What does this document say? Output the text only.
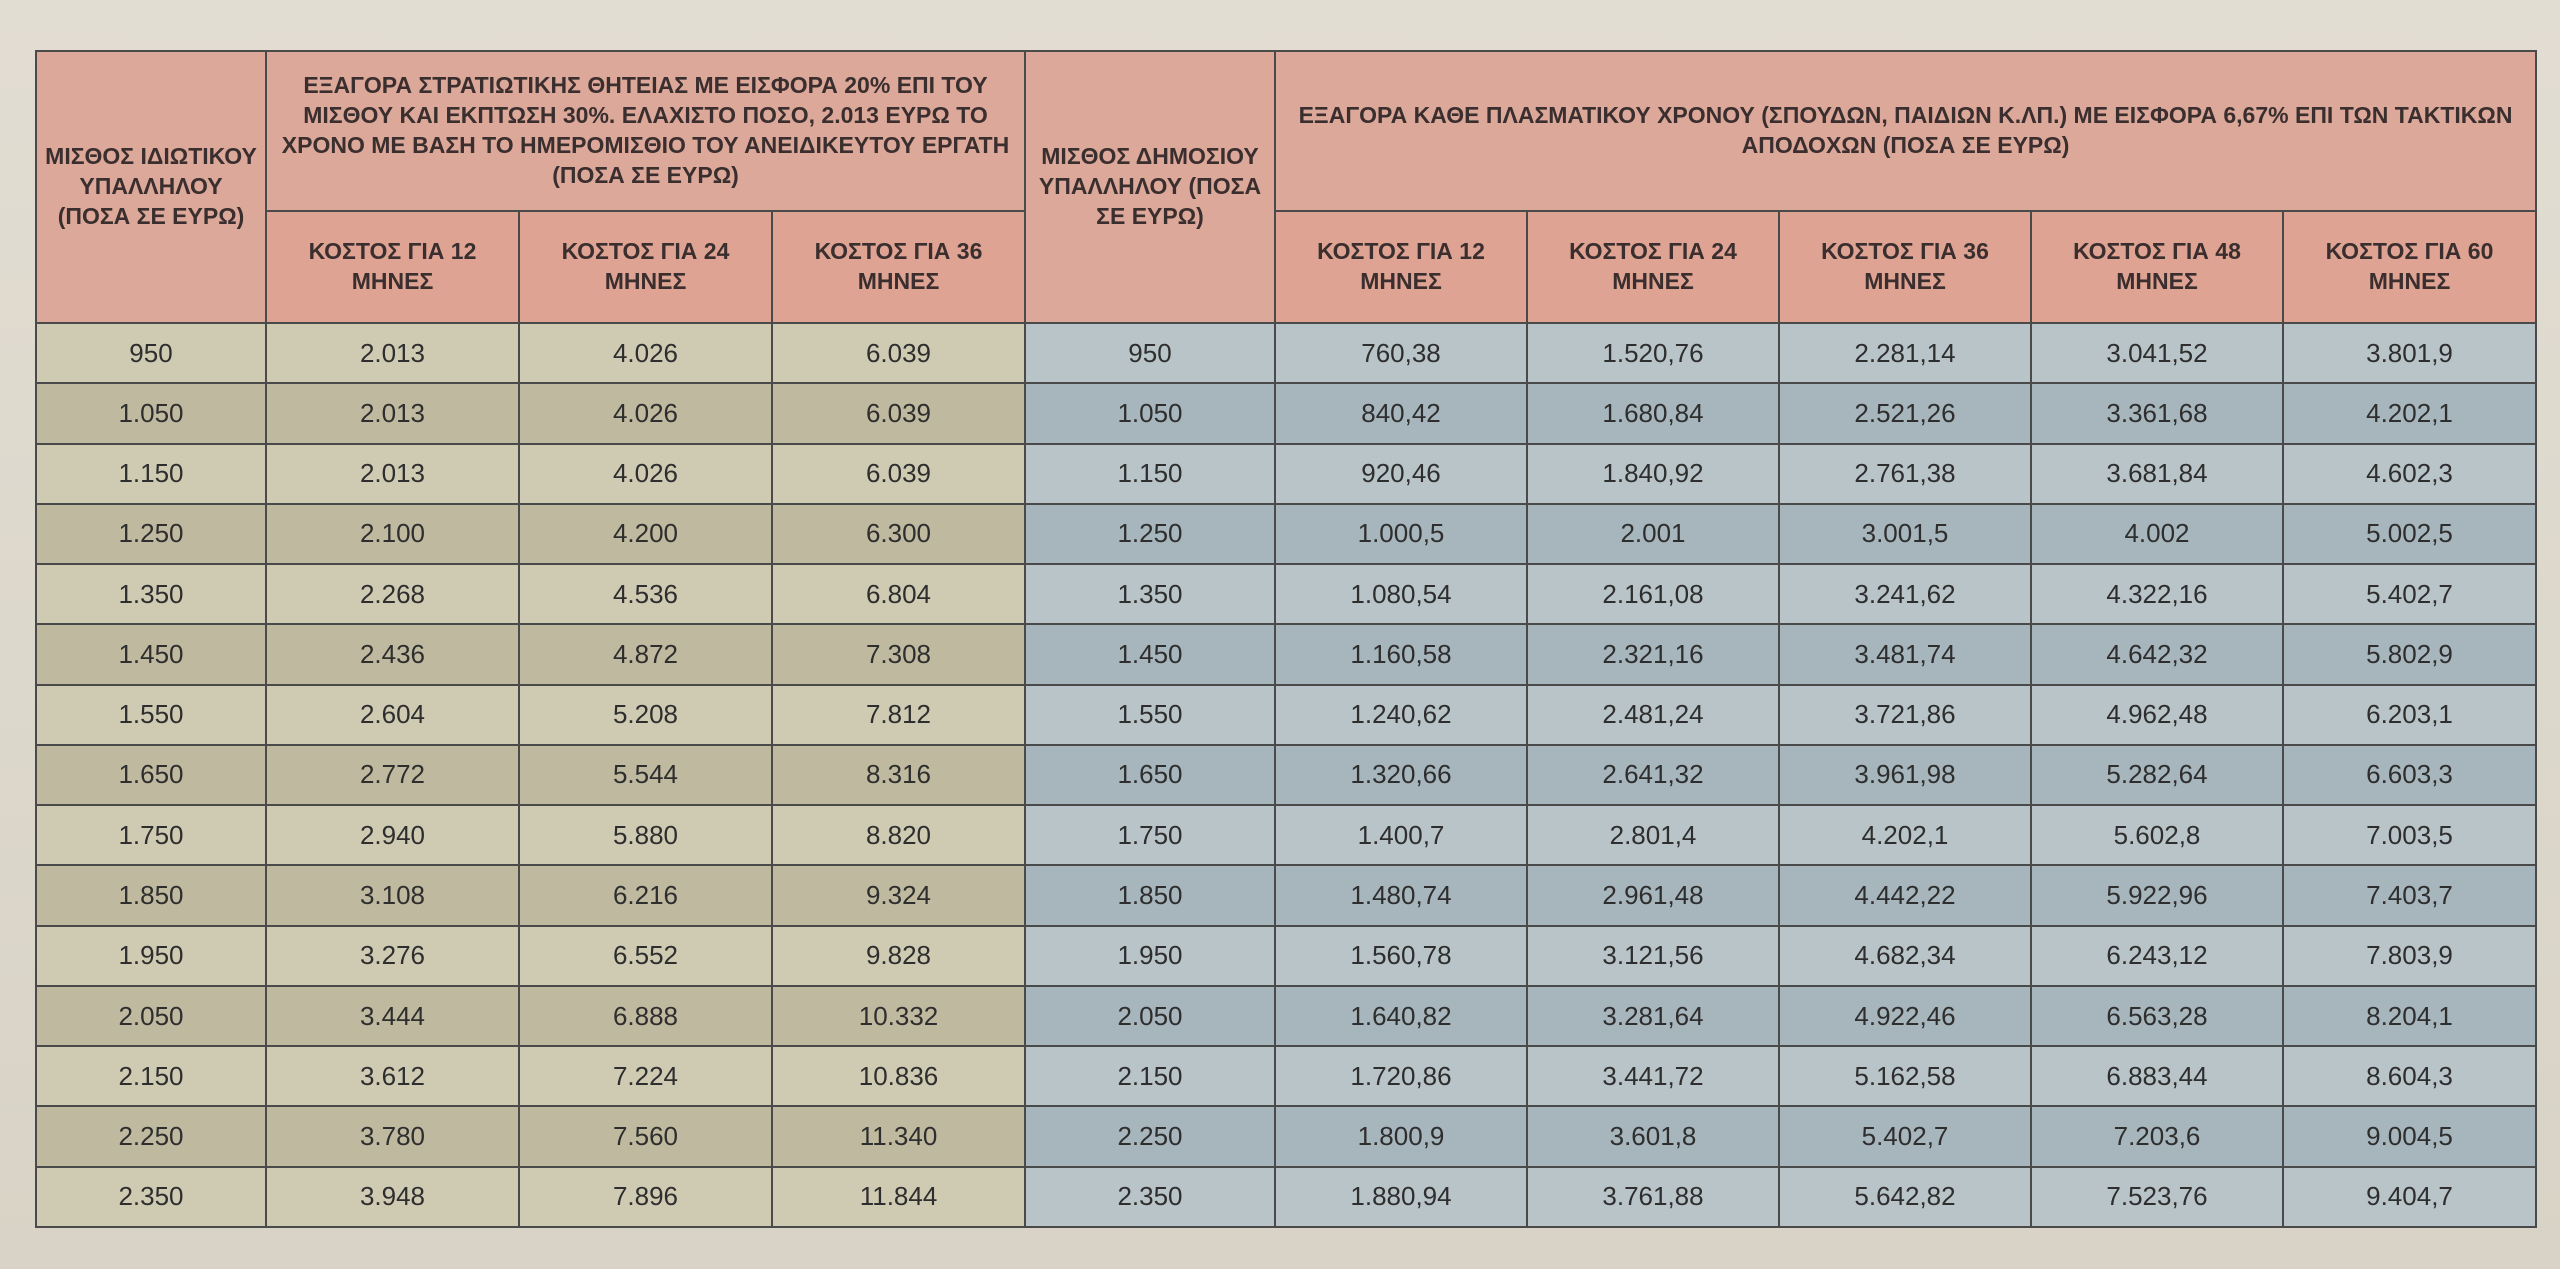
ΜΙΣΘΟΣ ΙΔΙΩΤΙΚΟΥ ΥΠΑΛΛΗΛΟΥ (ΠΟΣΑ ΣΕ ΕΥΡΩ)	ΕΞΑΓΟΡΑ ΣΤΡΑΤΙΩΤΙΚΗΣ ΘΗΤΕΙΑΣ ΜΕ ΕΙΣΦΟΡΑ 20% ΕΠΙ ΤΟΥ ΜΙΣΘΟΥ ΚΑΙ ΕΚΠΤΩΣΗ 30%. ΕΛΑΧΙΣΤΟ ΠΟΣΟ, 2.013 ΕΥΡΩ ΤΟ ΧΡΟΝΟ ΜΕ ΒΑΣΗ ΤΟ ΗΜΕΡΟΜΙΣΘΙΟ ΤΟΥ ΑΝΕΙΔΙΚΕΥΤΟΥ ΕΡΓΑΤΗ (ΠΟΣΑ ΣΕ ΕΥΡΩ)			ΜΙΣΘΟΣ ΔΗΜΟΣΙΟΥ ΥΠΑΛΛΗΛΟΥ (ΠΟΣΑ ΣΕ ΕΥΡΩ)	ΕΞΑΓΟΡΑ ΚΑΘΕ ΠΛΑΣΜΑΤΙΚΟΥ ΧΡΟΝΟΥ (ΣΠΟΥΔΩΝ, ΠΑΙΔΙΩΝ Κ.ΛΠ.) ΜΕ ΕΙΣΦΟΡΑ 6,67% ΕΠΙ ΤΩΝ ΤΑΚΤΙΚΩΝ ΑΠΟΔΟΧΩΝ (ΠΟΣΑ ΣΕ ΕΥΡΩ)				
	ΚΟΣΤΟΣ ΓΙΑ 12 ΜΗΝΕΣ	ΚΟΣΤΟΣ ΓΙΑ 24 ΜΗΝΕΣ	ΚΟΣΤΟΣ ΓΙΑ 36 ΜΗΝΕΣ		ΚΟΣΤΟΣ ΓΙΑ 12 ΜΗΝΕΣ	ΚΟΣΤΟΣ ΓΙΑ 24 ΜΗΝΕΣ	ΚΟΣΤΟΣ ΓΙΑ 36 ΜΗΝΕΣ	ΚΟΣΤΟΣ ΓΙΑ 48 ΜΗΝΕΣ	ΚΟΣΤΟΣ ΓΙΑ 60 ΜΗΝΕΣ
950	2.013	4.026	6.039	950	760,38	1.520,76	2.281,14	3.041,52	3.801,9
1.050	2.013	4.026	6.039	1.050	840,42	1.680,84	2.521,26	3.361,68	4.202,1
1.150	2.013	4.026	6.039	1.150	920,46	1.840,92	2.761,38	3.681,84	4.602,3
1.250	2.100	4.200	6.300	1.250	1.000,5	2.001	3.001,5	4.002	5.002,5
1.350	2.268	4.536	6.804	1.350	1.080,54	2.161,08	3.241,62	4.322,16	5.402,7
1.450	2.436	4.872	7.308	1.450	1.160,58	2.321,16	3.481,74	4.642,32	5.802,9
1.550	2.604	5.208	7.812	1.550	1.240,62	2.481,24	3.721,86	4.962,48	6.203,1
1.650	2.772	5.544	8.316	1.650	1.320,66	2.641,32	3.961,98	5.282,64	6.603,3
1.750	2.940	5.880	8.820	1.750	1.400,7	2.801,4	4.202,1	5.602,8	7.003,5
1.850	3.108	6.216	9.324	1.850	1.480,74	2.961,48	4.442,22	5.922,96	7.403,7
1.950	3.276	6.552	9.828	1.950	1.560,78	3.121,56	4.682,34	6.243,12	7.803,9
2.050	3.444	6.888	10.332	2.050	1.640,82	3.281,64	4.922,46	6.563,28	8.204,1
2.150	3.612	7.224	10.836	2.150	1.720,86	3.441,72	5.162,58	6.883,44	8.604,3
2.250	3.780	7.560	11.340	2.250	1.800,9	3.601,8	5.402,7	7.203,6	9.004,5
2.350	3.948	7.896	11.844	2.350	1.880,94	3.761,88	5.642,82	7.523,76	9.404,7
